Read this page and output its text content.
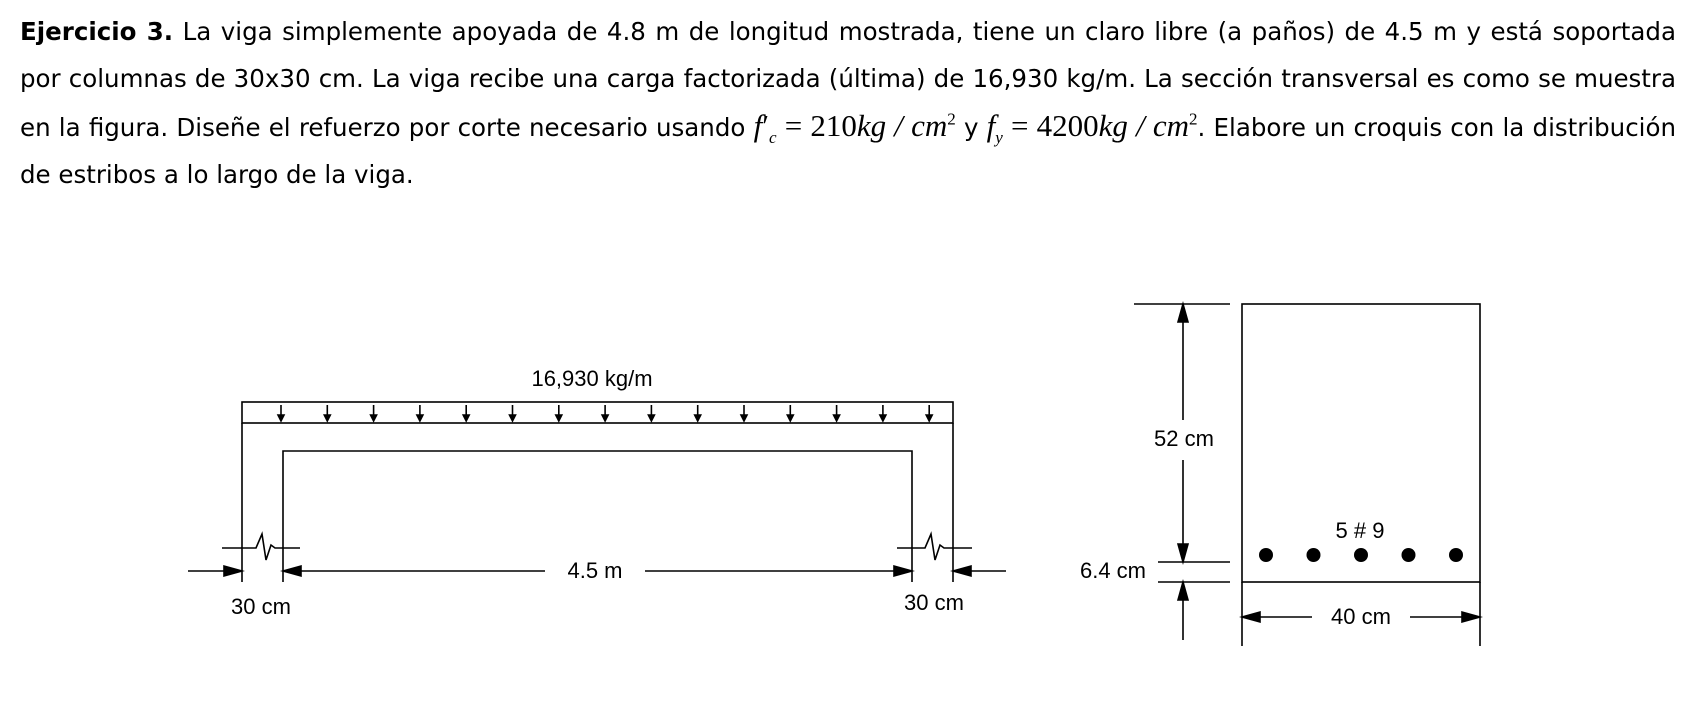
Ejercicio 3. La viga simplemente apoyada de 4.8 m de longitud mostrada, tiene un claro libre (a paños) de 4.5 m y está soportada por columnas de 30x30 cm. La viga recibe una carga factorizada (última) de 16,930 kg/m. La sección transversal es como se muestra en la figura. Diseñe el refuerzo por corte necesario usando $f'_c = 210kg / cm^2$ y $f_y = 4200kg / cm^2$. Elabore un croquis con la distribución de estribos a lo largo de la viga.
16,930 kg/m
4.5 m
30 cm	30 cm
52 cm
6.4 cm
5 # 9
40 cm
